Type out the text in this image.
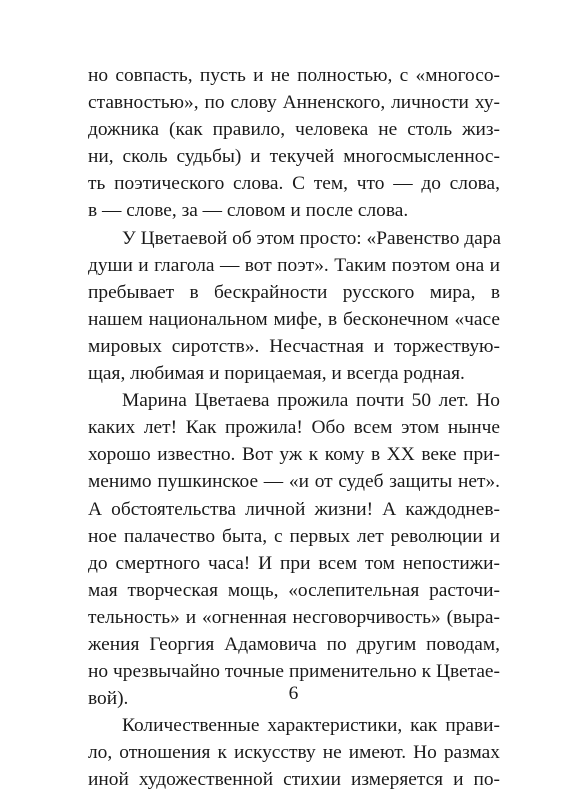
но совпасть, пусть и не полностью, с «многосо-
ставностью», по слову Анненского, личности ху-
дожника (как правило, человека не столь жиз-
ни, сколь судьбы) и текучей многосмысленнос-
ть поэтического слова. С тем, что — до слова,
в — слове, за — словом и после слова.
У Цветаевой об этом просто: «Равенство дара
души и глагола — вот поэт». Таким поэтом она и
пребывает в бескрайности русского мира, в
нашем национальном мифе, в бесконечном «часе
мировых сиротств». Несчастная и торжествую-
щая, любимая и порицаемая, и всегда родная.
Марина Цветаева прожила почти 50 лет. Но
каких лет! Как прожила! Обо всем этом нынче
хорошо известно. Вот уж к кому в XX веке при-
менимо пушкинское — «и от судеб защиты нет».
А обстоятельства личной жизни! А каждоднев-
ное палачество быта, с первых лет революции и
до смертного часа! И при всем том непостижи-
мая творческая мощь, «ослепительная расточи-
тельность» и «огненная несговорчивость» (выра-
жения Георгия Адамовича по другим поводам,
но чрезвычайно точные применительно к Цветае-
вой).
Количественные характеристики, как прави-
ло, отношения к искусству не имеют. Но размах
иной художественной стихии измеряется и по-
6
